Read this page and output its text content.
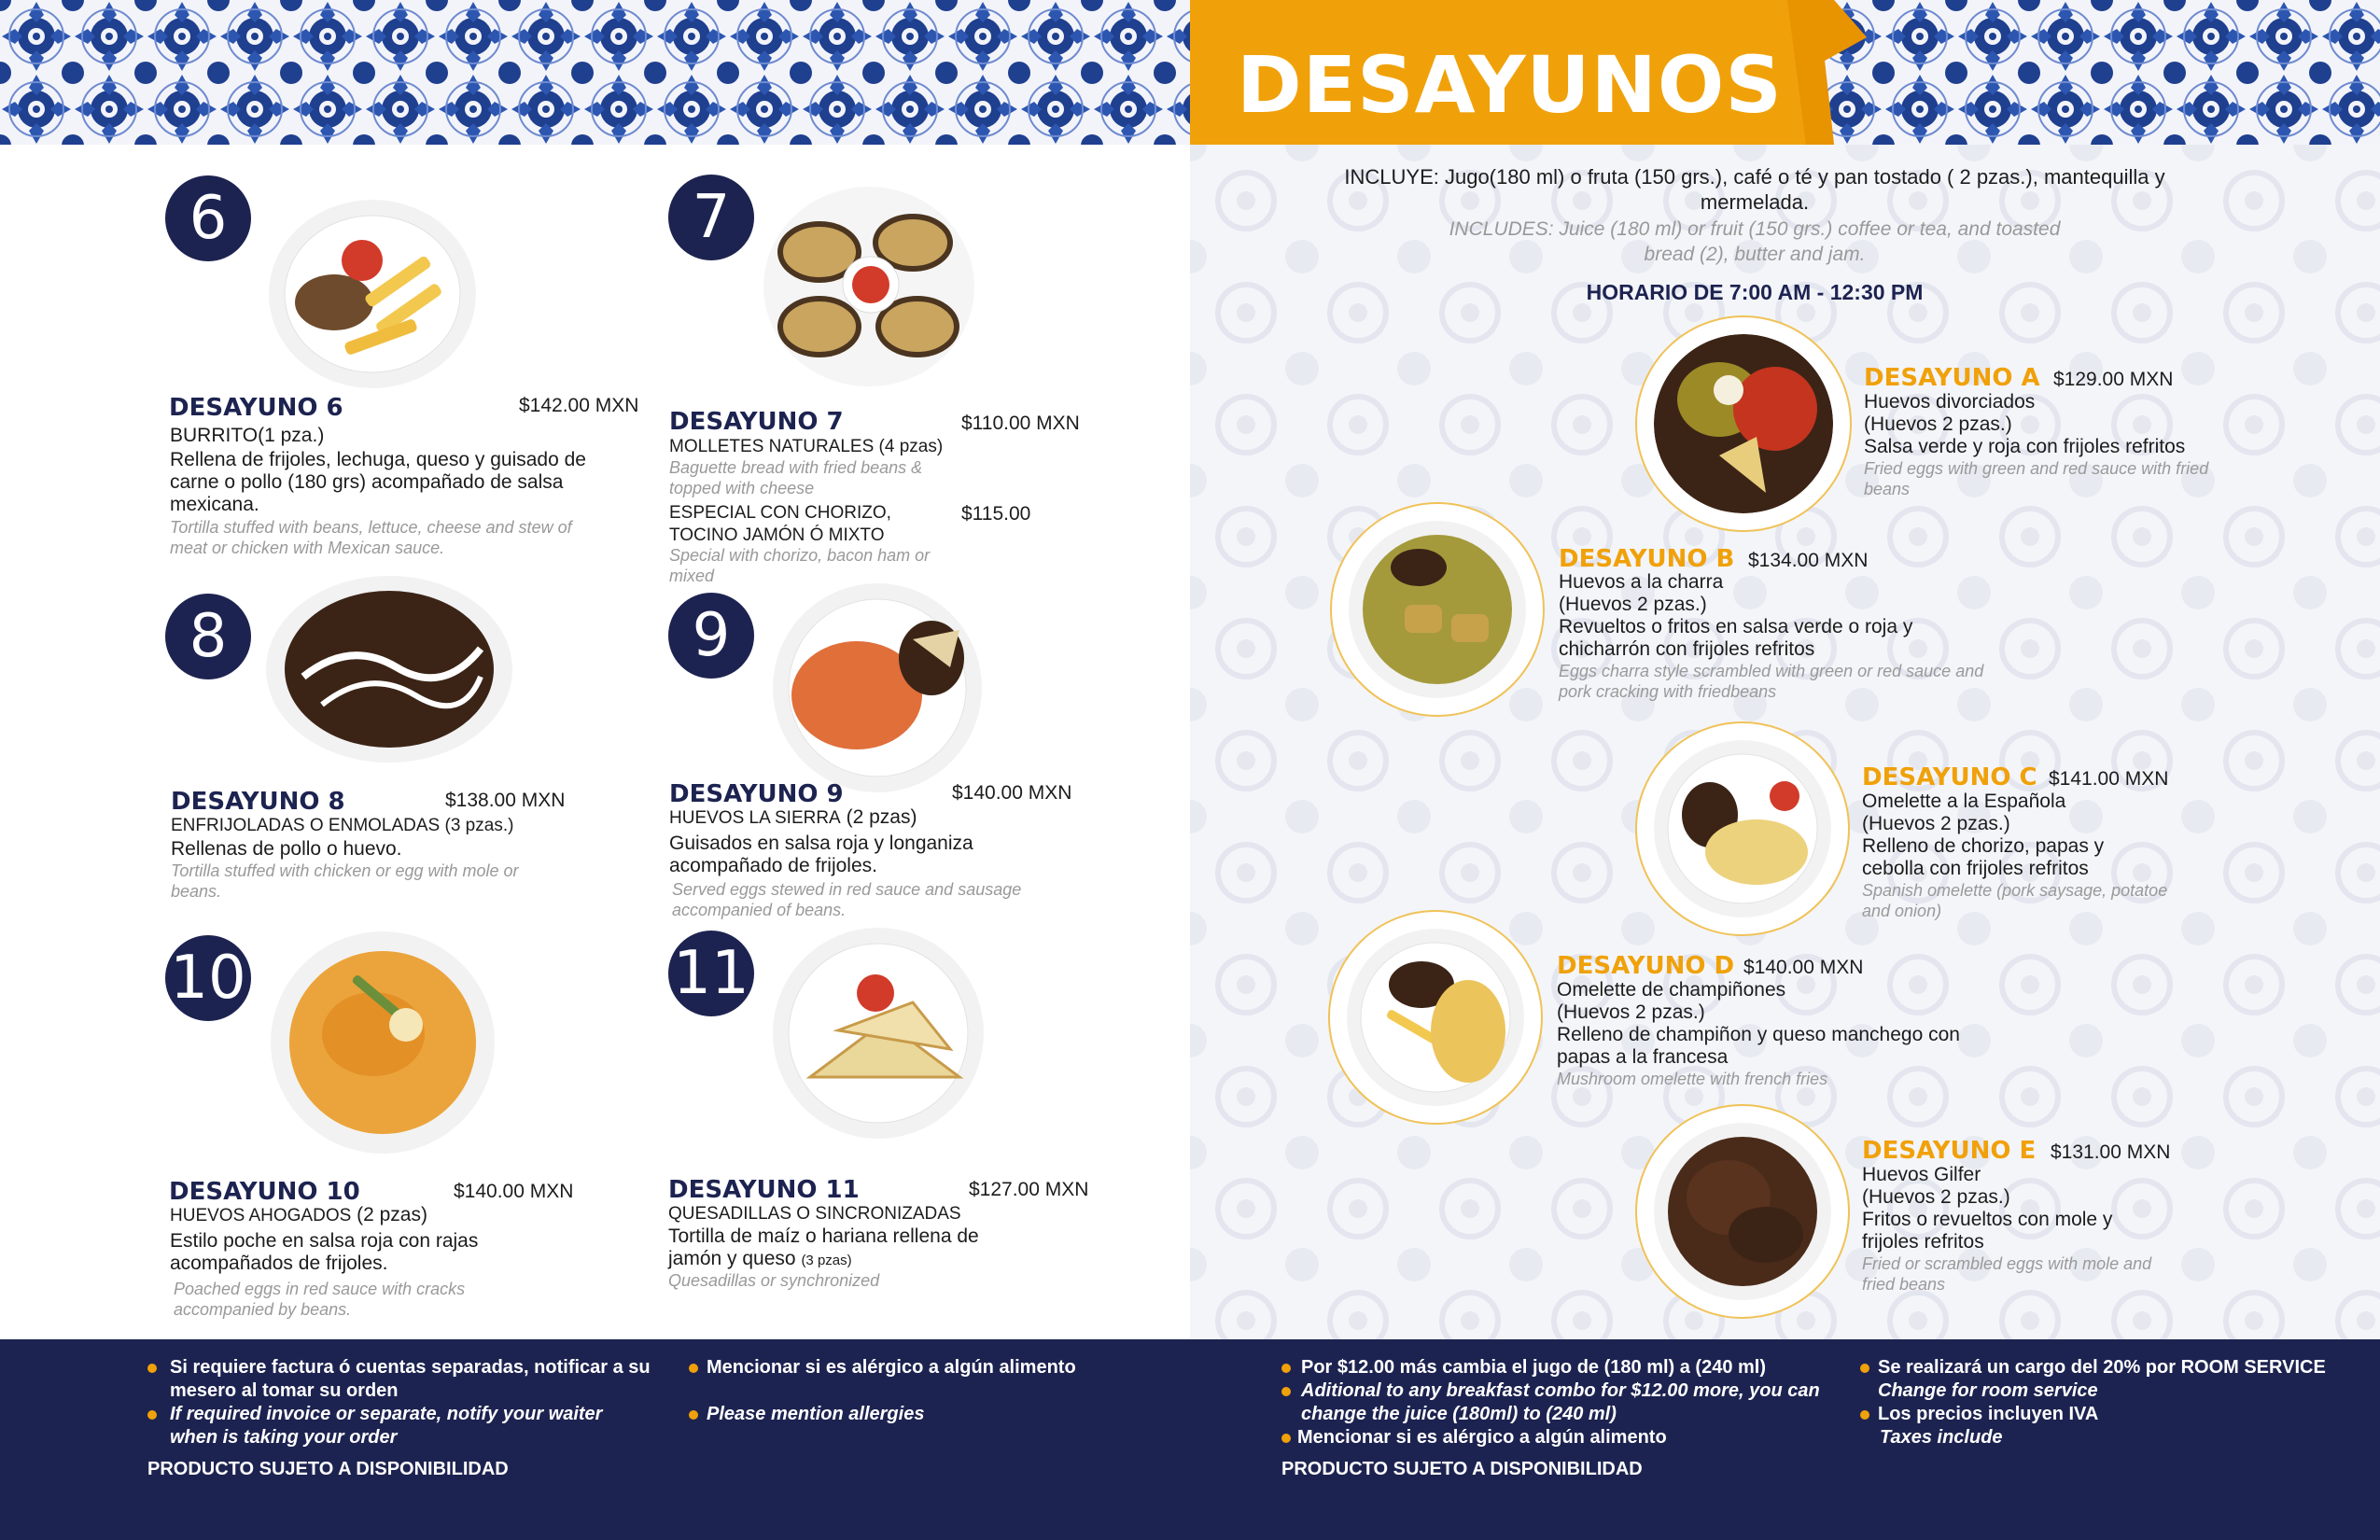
DESAYUNOS
6
DESAYUNO 6	$142.00 MXN
BURRITO(1 pza.)
Rellena de frijoles, lechuga, queso y guisado de carne o pollo (180 grs) acompañado de salsa mexicana.
Tortilla stuffed with beans, lettuce, cheese and stew of meat or chicken with Mexican sauce.
7
DESAYUNO 7	$110.00 MXN
MOLLETES NATURALES (4 pzas)
Baguette bread with fried beans & topped with cheese
ESPECIAL CON CHORIZO, TOCINO JAMÓN Ó MIXTO
$115.00
Special with chorizo, bacon ham or mixed
8
DESAYUNO 8	$138.00 MXN
ENFRIJOLADAS O ENMOLADAS (3 pzas.)
Rellenas de pollo o huevo.
Tortilla stuffed with chicken or egg with mole or beans.
9
DESAYUNO 9	$140.00 MXN
HUEVOS LA SIERRA (2 pzas)
Guisados en salsa roja y longaniza acompañado de frijoles.
Served eggs stewed in red sauce and sausage accompanied of beans.
10
DESAYUNO 10	$140.00 MXN
HUEVOS AHOGADOS (2 pzas)
Estilo poche en salsa roja con rajas acompañados de frijoles.
Poached eggs in red sauce with cracks accompanied by beans.
11
DESAYUNO 11	$127.00 MXN
QUESADILLAS O SINCRONIZADAS
Tortilla de maíz o hariana rellena de jamón y queso (3 pzas)
Quesadillas or synchronized
INCLUYE: Jugo(180 ml) o fruta (150 grs.), café o té y pan tostado ( 2 pzas.), mantequilla y mermelada.
INCLUDES: Juice (180 ml) or fruit (150 grs.) coffee or tea, and toasted bread (2), butter and jam.
HORARIO DE 7:00 AM - 12:30 PM
DESAYUNO A $129.00 MXN
Huevos divorciados
(Huevos 2 pzas.)
Salsa verde y roja con frijoles refritos
Fried eggs with green and red sauce with fried beans
DESAYUNO B $134.00 MXN
Huevos a la charra
(Huevos 2 pzas.)
Revueltos o fritos en salsa verde o roja y chicharrón con frijoles refritos
Eggs charra style scrambled with green or red sauce and pork cracking with friedbeans
DESAYUNO C $141.00 MXN
Omelette a la Española
(Huevos 2 pzas.)
Relleno de chorizo, papas y cebolla con frijoles refritos
Spanish omelette (pork saysage, potatoe and onion)
DESAYUNO D $140.00 MXN
Omelette de champiñones
(Huevos 2 pzas.)
Relleno de champiñon y queso manchego con papas a la francesa
Mushroom omelette with french fries
DESAYUNO E $131.00 MXN
Huevos Gilfer
(Huevos 2 pzas.)
Fritos o revueltos con mole y frijoles refritos
Fried or scrambled eggs with mole and fried beans
Si requiere factura ó cuentas separadas, notificar a su mesero al tomar su orden
If required invoice or separate, notify your waiter when is taking your order
PRODUCTO SUJETO A DISPONIBILIDAD
Mencionar si es alérgico a algún alimento
Please mention allergies
Por $12.00 más cambia el jugo de (180 ml) a (240 ml)
Aditional to any breakfast combo for $12.00 more, you can change the juice (180ml) to (240 ml)
Mencionar si es alérgico a algún alimento
PRODUCTO SUJETO A DISPONIBILIDAD
Se realizará un cargo del 20% por ROOM SERVICE
Change for room service
Los precios incluyen IVA
Taxes include
